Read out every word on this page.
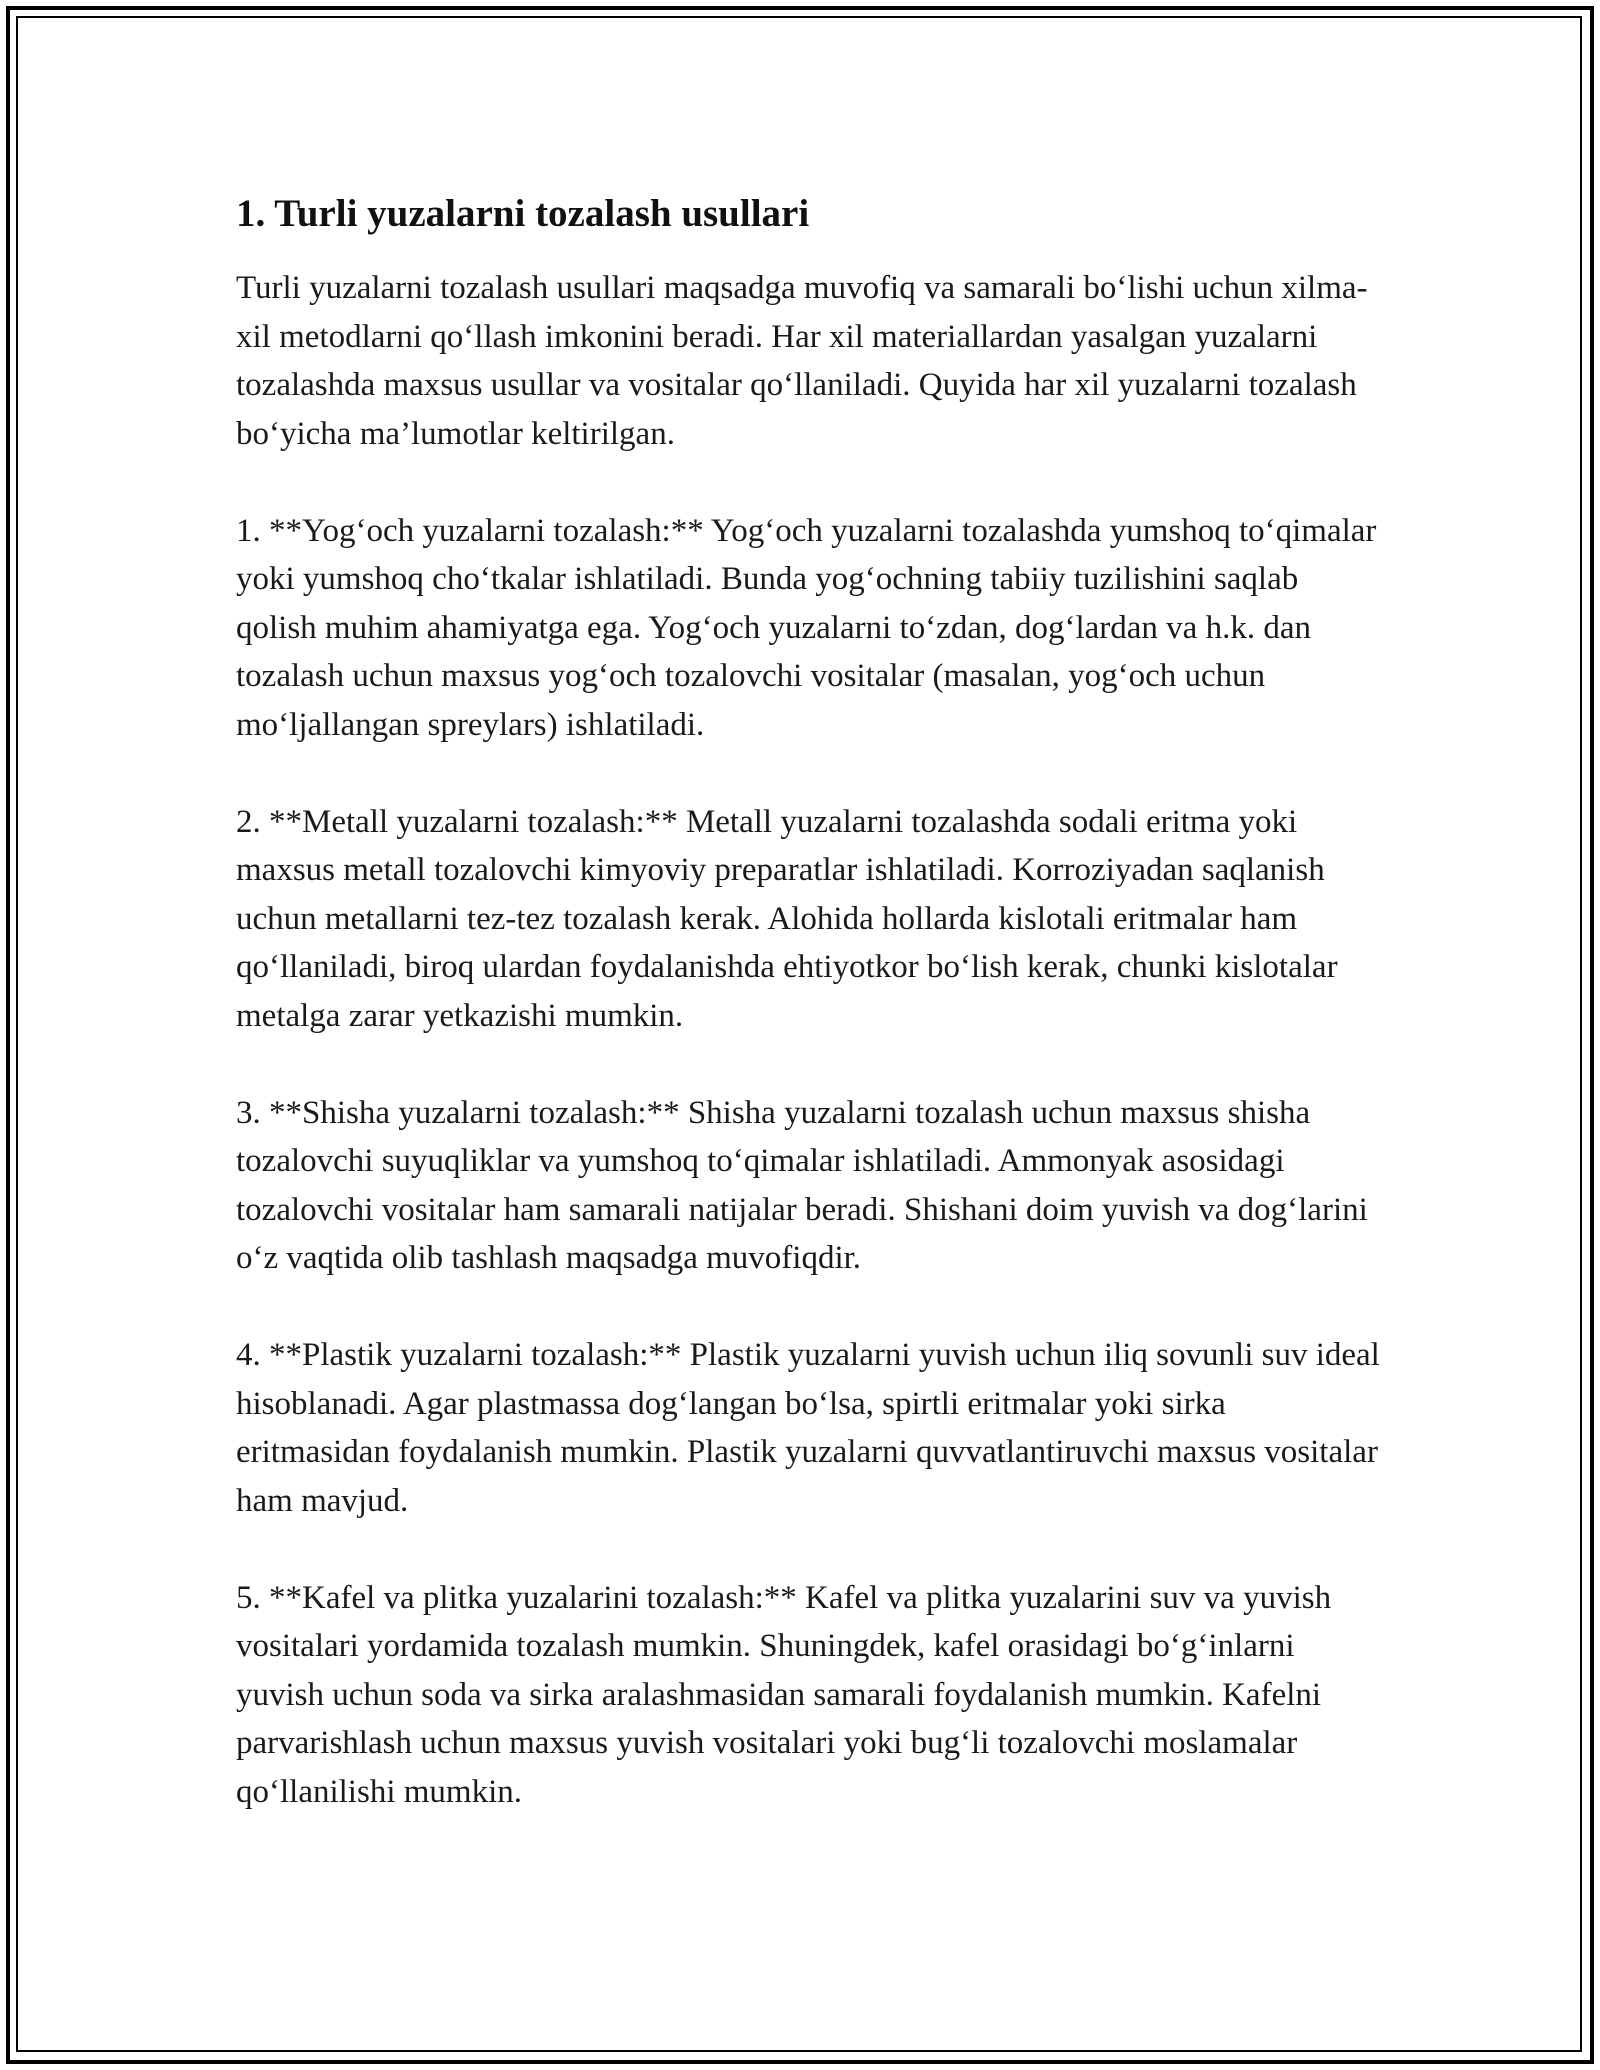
1. Turli yuzalarni tozalash usullari

Turli yuzalarni tozalash usullari maqsadga muvofiq va samarali bo‘lishi uchun xilma-xil metodlarni qo‘llash imkonini beradi. Har xil materiallardan yasalgan yuzalarni tozalashda maxsus usullar va vositalar qo‘llaniladi. Quyida har xil yuzalarni tozalash bo‘yicha ma’lumotlar keltirilgan.

1. **Yog‘och yuzalarni tozalash:** Yog‘och yuzalarni tozalashda yumshoq to‘qimalar yoki yumshoq cho‘tkalar ishlatiladi. Bunda yog‘ochning tabiiy tuzilishini saqlab qolish muhim ahamiyatga ega. Yog‘och yuzalarni to‘zdan, dog‘lardan va h.k. dan tozalash uchun maxsus yog‘och tozalovchi vositalar (masalan, yog‘och uchun mo‘ljallangan spreylars) ishlatiladi.

2. **Metall yuzalarni tozalash:** Metall yuzalarni tozalashda sodali eritma yoki maxsus metall tozalovchi kimyoviy preparatlar ishlatiladi. Korroziyadan saqlanish uchun metallarni tez-tez tozalash kerak. Alohida hollarda kislotali eritmalar ham qo‘llaniladi, biroq ulardan foydalanishda ehtiyotkor bo‘lish kerak, chunki kislotalar metalga zarar yetkazishi mumkin.

3. **Shisha yuzalarni tozalash:** Shisha yuzalarni tozalash uchun maxsus shisha tozalovchi suyuqliklar va yumshoq to‘qimalar ishlatiladi. Ammonyak asosidagi tozalovchi vositalar ham samarali natijalar beradi. Shishani doim yuvish va dog‘larini o‘z vaqtida olib tashlash maqsadga muvofiqdir.

4. **Plastik yuzalarni tozalash:** Plastik yuzalarni yuvish uchun iliq sovunli suv ideal hisoblanadi. Agar plastmassa dog‘langan bo‘lsa, spirtli eritmalar yoki sirka eritmasidan foydalanish mumkin. Plastik yuzalarni quvvatlantiruvchi maxsus vositalar ham mavjud.

5. **Kafel va plitka yuzalarini tozalash:** Kafel va plitka yuzalarini suv va yuvish vositalari yordamida tozalash mumkin. Shuningdek, kafel orasidagi bo‘g‘inlarni yuvish uchun soda va sirka aralashmasidan samarali foydalanish mumkin. Kafelni parvarishlash uchun maxsus yuvish vositalari yoki bug‘li tozalovchi moslamalar qo‘llanilishi mumkin.
